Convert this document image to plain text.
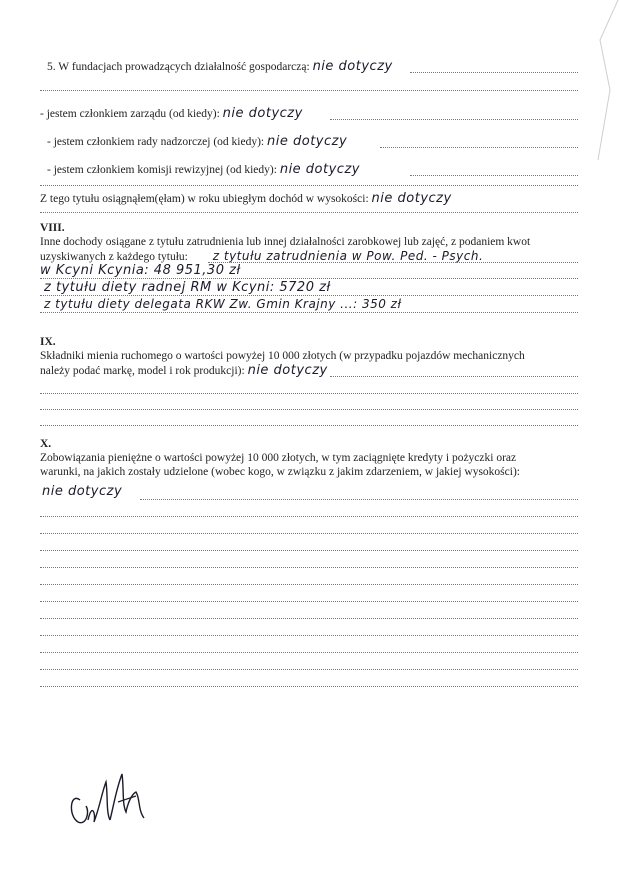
5. W fundacjach prowadzących działalność gospodarczą: nie dotyczy
- jestem członkiem zarządu (od kiedy): nie dotyczy
- jestem członkiem rady nadzorczej (od kiedy): nie dotyczy
- jestem członkiem komisji rewizyjnej (od kiedy): nie dotyczy
Z tego tytułu osiągnąłem(ęłam) w roku ubiegłym dochód w wysokości: nie dotyczy
VIII.
Inne dochody osiągane z tytułu zatrudnienia lub innej działalności zarobkowej lub zajęć, z podaniem kwot
uzyskiwanych z każdego tytułu: z tytułu zatrudnienia w Pow. Ped. - Psych.
w Kcyni Kcynia: 48 951,30 zł
z tytułu diety radnej RM w Kcyni: 5720 zł
z tytułu diety delegata RKW Zw. Gmin Krajny ...: 350 zł
IX.
Składniki mienia ruchomego o wartości powyżej 10 000 złotych (w przypadku pojazdów mechanicznych
należy podać markę, model i rok produkcji): nie dotyczy
X.
Zobowiązania pieniężne o wartości powyżej 10 000 złotych, w tym zaciągnięte kredyty i pożyczki oraz
warunki, na jakich zostały udzielone (wobec kogo, w związku z jakim zdarzeniem, w jakiej wysokości):
nie dotyczy
